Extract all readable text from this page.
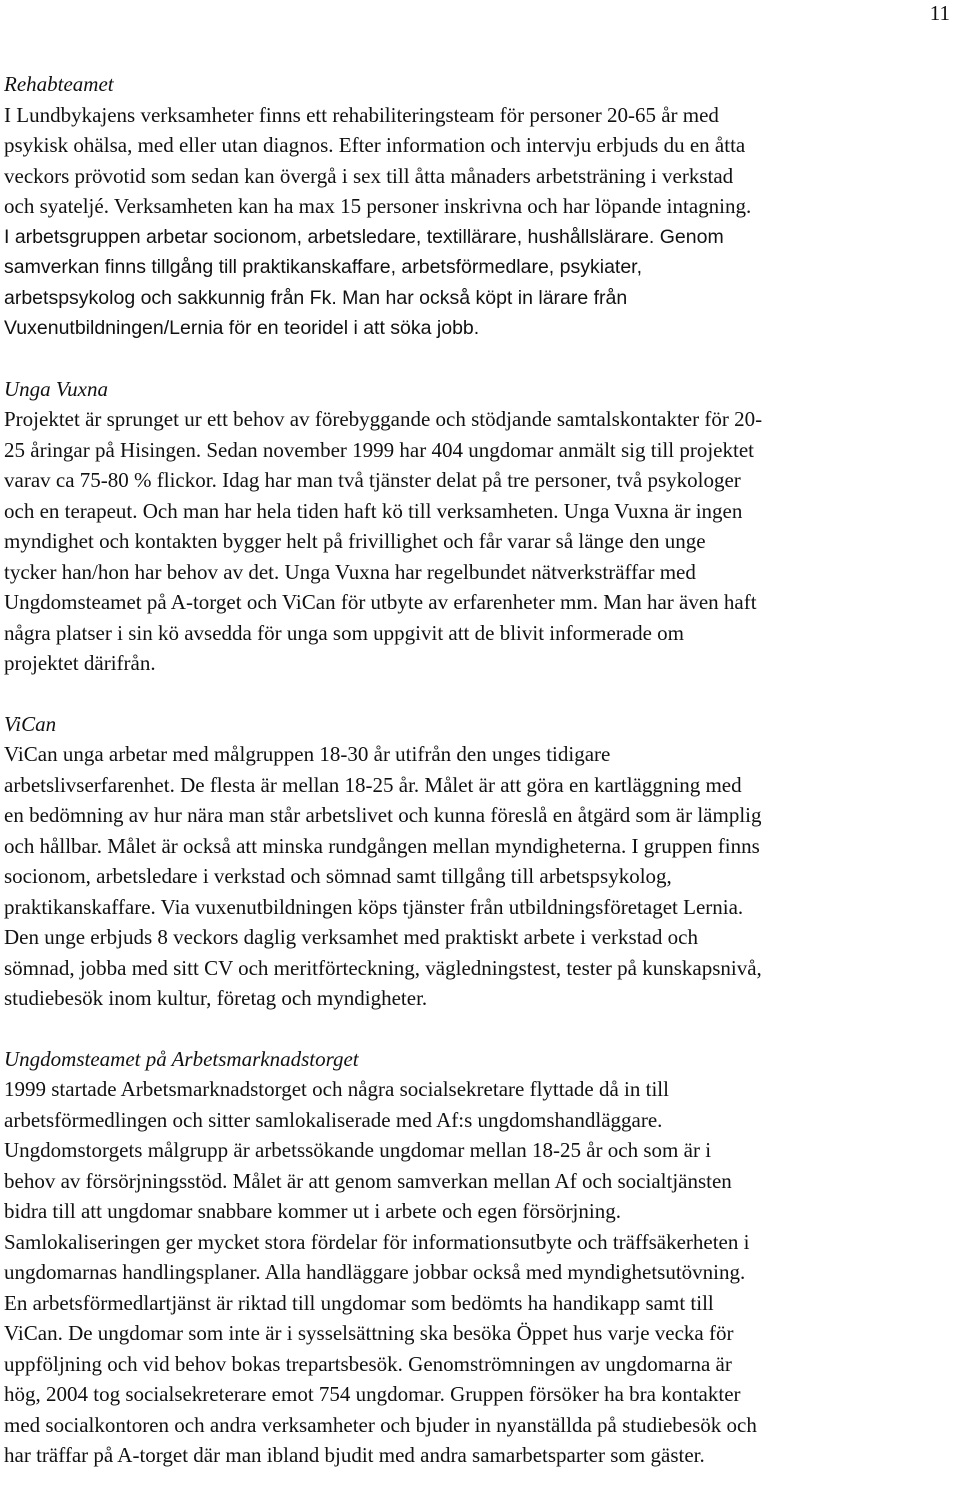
11
Rehabteamet
I Lundbykajens verksamheter finns ett rehabiliteringsteam för personer 20-65 år med
psykisk ohälsa, med eller utan diagnos. Efter information och intervju erbjuds du en åtta
veckors prövotid som sedan kan övergå i sex till åtta månaders arbetsträning i verkstad
och syateljé. Verksamheten kan ha max 15 personer inskrivna och har löpande intagning.
I arbetsgruppen arbetar socionom, arbetsledare, textillärare, hushållslärare. Genom
samverkan finns tillgång till praktikanskaffare, arbetsförmedlare, psykiater,
arbetspsykolog och sakkunnig från Fk. Man har också köpt in lärare från
Vuxenutbildningen/Lernia för en teoridel i att söka jobb.
Unga Vuxna
Projektet är sprunget ur ett behov av förebyggande och stödjande samtalskontakter för 20-
25 åringar på Hisingen. Sedan november 1999 har 404 ungdomar anmält sig till projektet
varav ca 75-80 % flickor. Idag har man två tjänster delat på tre personer, två psykologer
och en terapeut. Och man har hela tiden haft kö till verksamheten. Unga Vuxna är ingen
myndighet och kontakten bygger helt på frivillighet och får varar så länge den unge
tycker han/hon har behov av det. Unga Vuxna har regelbundet nätverksträffar med
Ungdomsteamet på A-torget och ViCan för utbyte av erfarenheter mm. Man har även haft
några platser i sin kö avsedda för unga som uppgivit att de blivit informerade om
projektet därifrån.
ViCan
ViCan unga arbetar med målgruppen 18-30 år utifrån den unges tidigare
arbetslivserfarenhet. De flesta är mellan 18-25 år. Målet är att göra en kartläggning med
en bedömning av hur nära man står arbetslivet och kunna föreslå en åtgärd som är lämplig
och hållbar. Målet är också att minska rundgången mellan myndigheterna. I gruppen finns
socionom, arbetsledare i verkstad och sömnad samt tillgång till arbetspsykolog,
praktikanskaffare. Via vuxenutbildningen köps tjänster från utbildningsföretaget Lernia.
Den unge erbjuds 8 veckors daglig verksamhet med praktiskt arbete i verkstad och
sömnad, jobba med sitt CV och meritförteckning, vägledningstest, tester på kunskapsnivå,
studiebesök inom kultur, företag och myndigheter.
Ungdomsteamet på Arbetsmarknadstorget
1999 startade Arbetsmarknadstorget och några socialsekretare flyttade då in till
arbetsförmedlingen och sitter samlokaliserade med Af:s ungdomshandläggare.
Ungdomstorgets målgrupp är arbetssökande ungdomar mellan 18-25 år och som är i
behov av försörjningsstöd. Målet är att genom samverkan mellan Af och socialtjänsten
bidra till att ungdomar snabbare kommer ut i arbete och egen försörjning.
Samlokaliseringen ger mycket stora fördelar för informationsutbyte och träffsäkerheten i
ungdomarnas handlingsplaner. Alla handläggare jobbar också med myndighetsutövning.
En arbetsförmedlartjänst är riktad till ungdomar som bedömts ha handikapp samt till
ViCan. De ungdomar som inte är i sysselsättning ska besöka Öppet hus varje vecka för
uppföljning och vid behov bokas trepartsbesök. Genomströmningen av ungdomarna är
hög, 2004 tog socialsekreterare emot 754 ungdomar. Gruppen försöker ha bra kontakter
med socialkontoren och andra verksamheter och bjuder in nyanställda på studiebesök och
har träffar på A-torget där man ibland bjudit med andra samarbetsparter som gäster.
